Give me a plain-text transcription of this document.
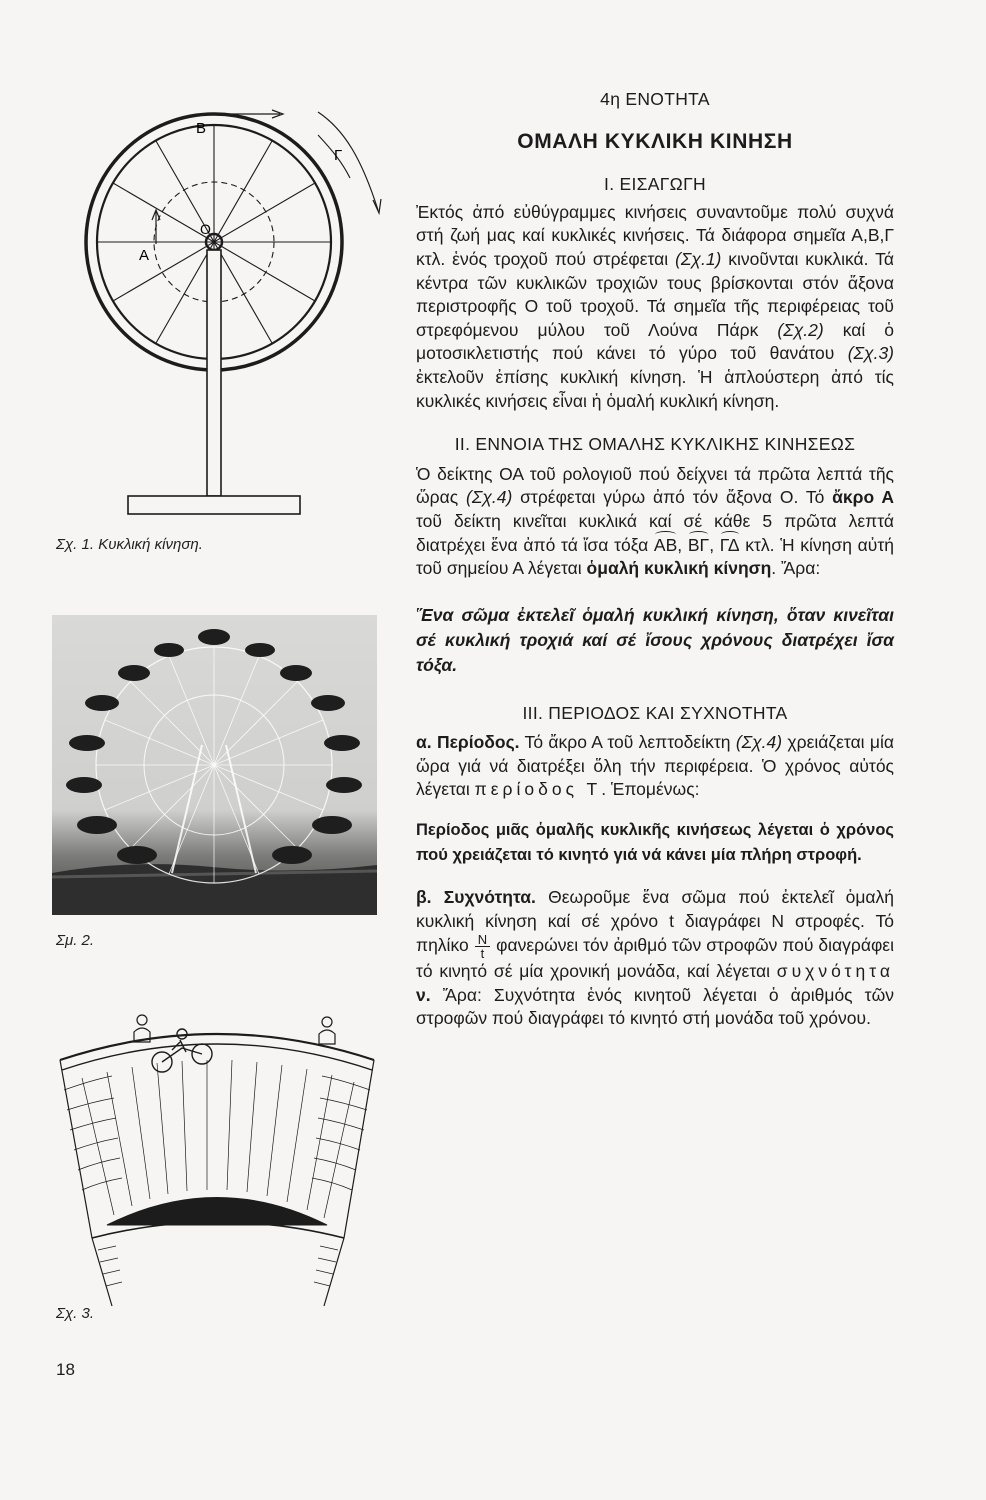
Β
Γ
Α
Ο
Σχ. 1. Κυκλική κίνηση.
Σμ. 2.
Σχ. 3.
18

4η ΕΝΟΤΗΤΑ

ΟΜΑΛΗ ΚΥΚΛΙΚΗ ΚΙΝΗΣΗ

Ι. ΕΙΣΑΓΩΓΗ

Ἐκτός ἀπό εὐθύγραμμες κινήσεις συναντοῦμε πολύ συχνά στή ζωή μας καί κυκλικές κινήσεις. Τά διάφορα σημεῖα Α,Β,Γ κτλ. ἑνός τροχοῦ πού στρέφεται (Σχ.1) κινοῦνται κυκλικά. Τά κέντρα τῶν κυκλικῶν τροχιῶν τους βρίσκονται στόν ἄξονα περιστροφῆς Ο τοῦ τροχοῦ. Τά σημεῖα τῆς περιφέρειας τοῦ στρεφόμενου μύλου τοῦ Λούνα Πάρκ (Σχ.2) καί ὁ μοτοσικλετιστής πού κάνει τό γύρο τοῦ θανάτου (Σχ.3) ἐκτελοῦν ἐπίσης κυκλική κίνηση. Ἡ ἁπλούστερη ἀπό τίς κυκλικές κινήσεις εἶναι ἡ ὁμαλή κυκλική κίνηση.

ΙΙ. ΕΝΝΟΙΑ ΤΗΣ ΟΜΑΛΗΣ ΚΥΚΛΙΚΗΣ ΚΙΝΗΣΕΩΣ

Ὁ δείκτης ΟΑ τοῦ ρολογιοῦ πού δείχνει τά πρῶτα λεπτά τῆς ὥρας (Σχ.4) στρέφεται γύρω ἀπό τόν ἄξονα Ο. Τό ἄκρο Α τοῦ δείκτη κινεῖται κυκλικά καί σέ κάθε 5 πρῶτα λεπτά διατρέχει ἕνα ἀπό τά ἴσα τόξα ΑΒ, ΒΓ, ΓΔ κτλ. Ἡ κίνηση αὐτή τοῦ σημείου Α λέγεται ὁμαλή κυκλική κίνηση. Ἄρα:

Ἕνα σῶμα ἐκτελεῖ ὁμαλή κυκλική κίνηση, ὅταν κινεῖται σέ κυκλική τροχιά καί σέ ἴσους χρόνους διατρέχει ἴσα τόξα.

ΙΙΙ. ΠΕΡΙΟΔΟΣ ΚΑΙ ΣΥΧΝΟΤΗΤΑ

α. Περίοδος. Τό ἄκρο Α τοῦ λεπτοδείκτη (Σχ.4) χρειάζεται μία ὥρα γιά νά διατρέξει ὅλη τήν περιφέρεια. Ὁ χρόνος αὐτός λέγεται περίοδος Τ. Ἑπομένως:

Περίοδος μιᾶς ὁμαλῆς κυκλικῆς κινήσεως λέγεται ὁ χρόνος πού χρειάζεται τό κινητό γιά νά κάνει μία πλήρη στροφή.

β. Συχνότητα. Θεωροῦμε ἕνα σῶμα πού ἐκτελεῖ ὁμαλή κυκλική κίνηση καί σέ χρόνο t διαγράφει Ν στροφές. Τό πηλίκο $\frac{N}{t}$ φανερώνει τόν ἀριθμό τῶν στροφῶν πού διαγράφει τό κινητό σέ μία χρονική μονάδα, καί λέγεται συχνότητα ν. Ἄρα: Συχνότητα ἑνός κινητοῦ λέγεται ὁ ἀριθμός τῶν στροφῶν πού διαγράφει τό κινητό στή μονάδα τοῦ χρόνου.
